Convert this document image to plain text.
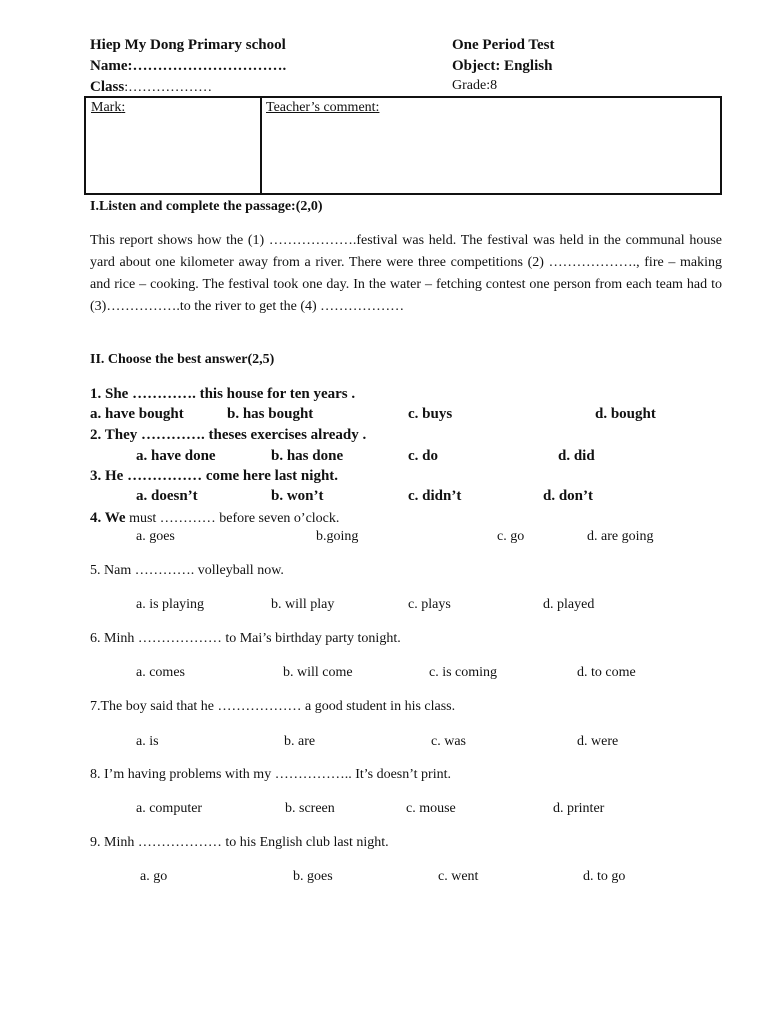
Hiep My Dong Primary school
Name:………………………….
Class:………………
One Period Test
Object: English
Grade:8
Mark:	Teacher’s comment:
I.Listen and complete the passage:(2,0)
This report shows how the (1) ……………….festival was held. The festival was held in the communal house yard about one kilometer away from a river. There were three competitions (2) ………………., fire – making and rice – cooking. The festival took one day. In the water – fetching contest one person from each team had to (3)…………….to the river to get the (4) ………………
II. Choose the best answer(2,5)
1. She …………. this house for ten years .
a. have bought	b. has bought	c. buys	d. bought
2. They …………. theses exercises already .
a. have done	b. has done	c. do	d. did
3. He …………… come here last night.
a. doesn’t	b. won’t	c. didn’t	d. don’t
4. We must ………… before seven o’clock.
a. goes	b.going	c. go	d. are going
5. Nam …………. volleyball now.
a. is playing	b. will play	c. plays	d. played
6. Minh ……………… to Mai’s birthday party tonight.
a. comes	b. will come	c. is coming	d. to come
7.The boy said that he ……………… a good student in his class.
a. is	b. are	c. was	d. were
8. I’m having problems with my …………….. It’s doesn’t print.
a. computer	b. screen	c. mouse	d. printer
9. Minh ……………… to his English club last night.
a. go	b. goes	c. went	d. to go
